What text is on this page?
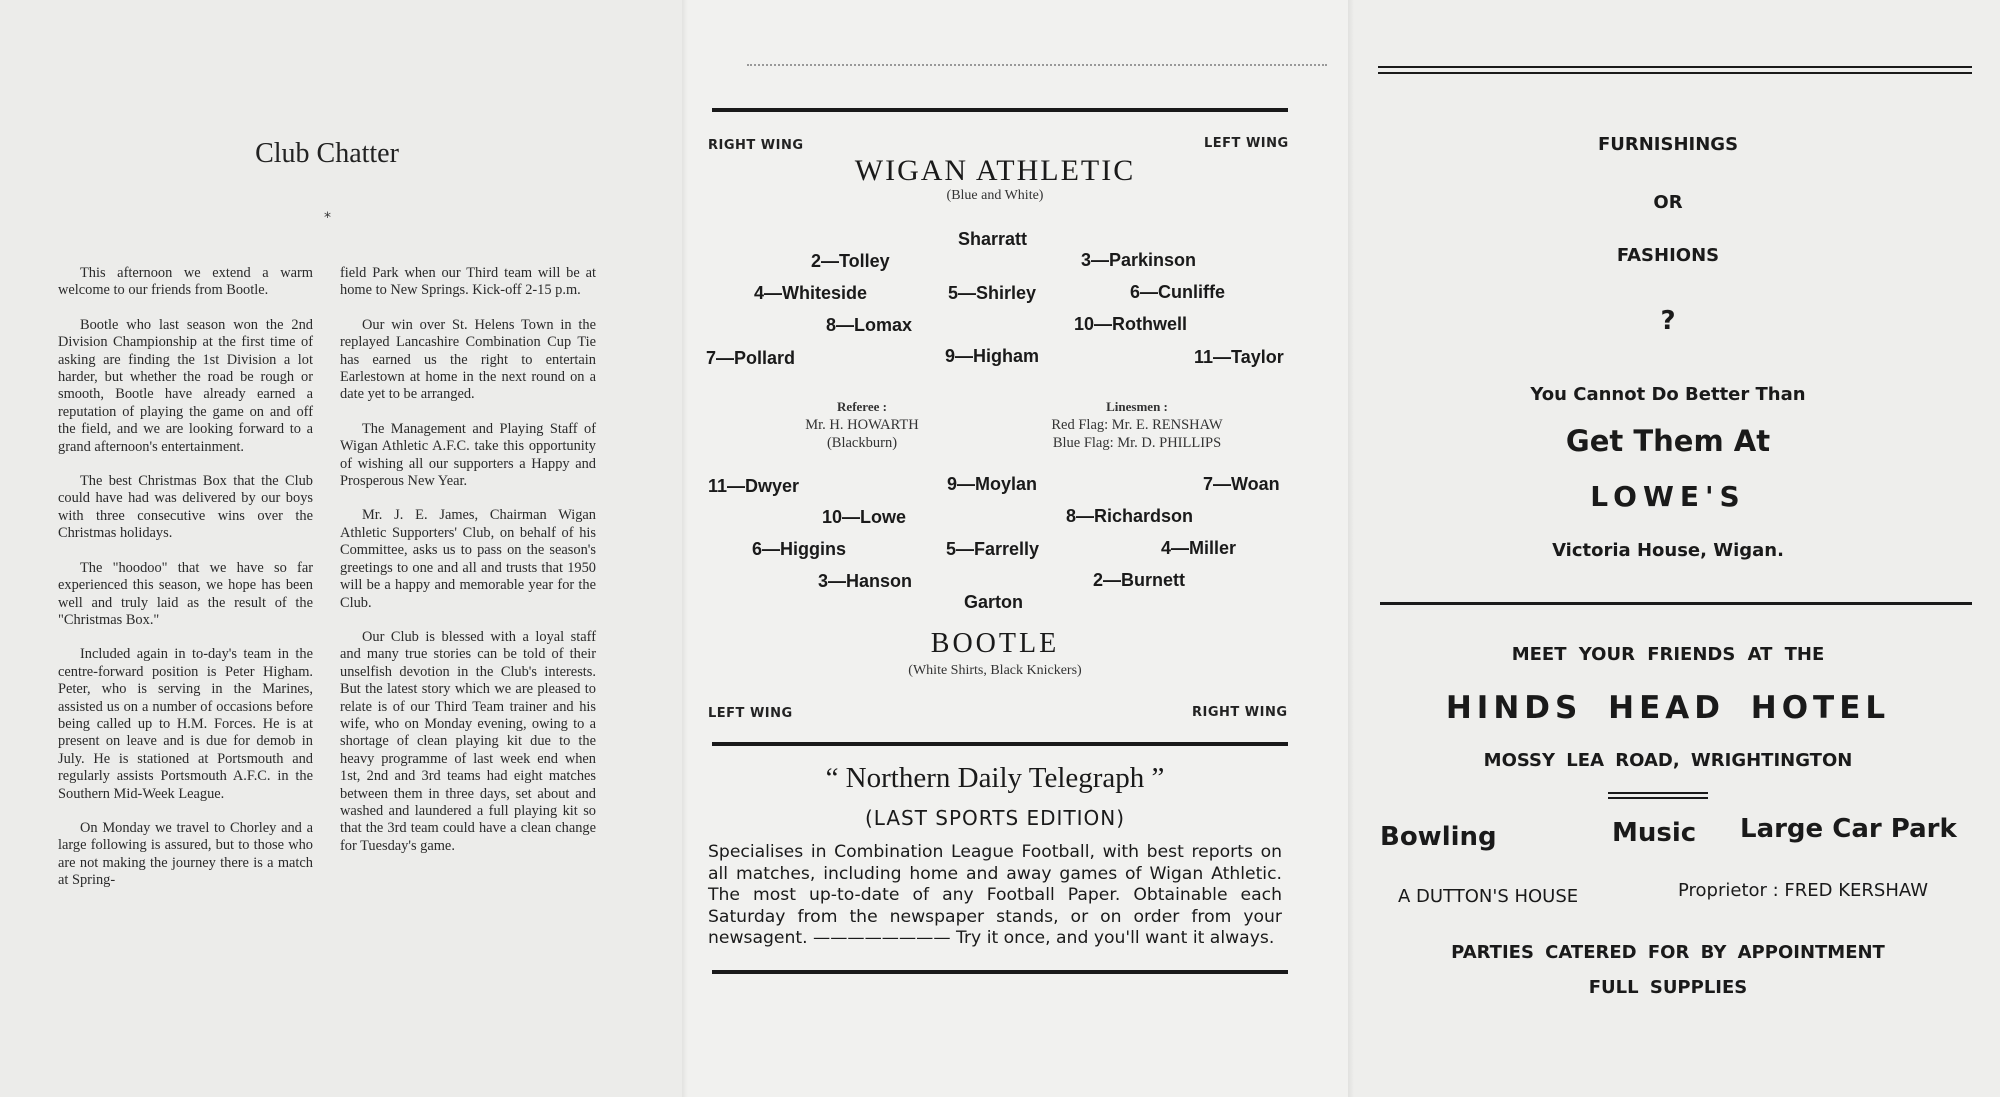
Club Chatter
*

This afternoon we extend a warm welcome to our friends from Bootle.

Bootle who last season won the 2nd Division Championship at the first time of asking are finding the 1st Division a lot harder, but whether the road be rough or smooth, Bootle have already earned a reputation of playing the game on and off the field, and we are looking forward to a grand afternoon's entertainment.

The best Christmas Box that the Club could have had was delivered by our boys with three consecutive wins over the Christmas holidays.

The "hoodoo" that we have so far experienced this season, we hope has been well and truly laid as the result of the "Christmas Box."

Included again in to-day's team in the centre-forward position is Peter Higham. Peter, who is serving in the Marines, assisted us on a number of occasions before being called up to H.M. Forces. He is at present on leave and is due for demob in July. He is stationed at Portsmouth and regularly assists Portsmouth A.F.C. in the Southern Mid-Week League.

On Monday we travel to Chorley and a large following is assured, but to those who are not making the journey there is a match at Spring-

field Park when our Third team will be at home to New Springs. Kick-off 2-15 p.m.

Our win over St. Helens Town in the replayed Lancashire Combination Cup Tie has earned us the right to entertain Earlestown at home in the next round on a date yet to be arranged.

The Management and Playing Staff of Wigan Athletic A.F.C. take this opportunity of wishing all our supporters a Happy and Prosperous New Year.

Mr. J. E. James, Chairman Wigan Athletic Supporters' Club, on behalf of his Committee, asks us to pass on the season's greetings to one and all and trusts that 1950 will be a happy and memorable year for the Club.

Our Club is blessed with a loyal staff and many true stories can be told of their unselfish devotion in the Club's interests. But the latest story which we are pleased to relate is of our Third Team trainer and his wife, who on Monday evening, owing to a shortage of clean playing kit due to the heavy programme of last week end when 1st, 2nd and 3rd teams had eight matches between them in three days, set about and washed and laundered a full playing kit so that the 3rd team could have a clean change for Tuesday's game.

RIGHT WING	LEFT WING
WIGAN ATHLETIC
(Blue and White)
Sharratt
2—Tolley	3—Parkinson
4—Whiteside	5—Shirley	6—Cunliffe
8—Lomax	10—Rothwell
7—Pollard	9—Higham	11—Taylor
Referee :
Mr. H. HOWARTH
(Blackburn)
Linesmen :
Red Flag: Mr. E. RENSHAW
Blue Flag: Mr. D. PHILLIPS
11—Dwyer	9—Moylan	7—Woan
10—Lowe	8—Richardson
6—Higgins	5—Farrelly	4—Miller
3—Hanson	2—Burnett
Garton
BOOTLE
(White Shirts, Black Knickers)
LEFT WING	RIGHT WING
“ Northern Daily Telegraph ”
(LAST SPORTS EDITION)
Specialises in Combination League Football, with best reports on all matches, including home and away games of Wigan Athletic. The most up-to-date of any Football Paper. Obtainable each Saturday from the newspaper stands, or on order from your newsagent. ———————— Try it once, and you'll want it always.
FURNISHINGS
OR
FASHIONS
?
You Cannot Do Better Than
Get Them At
LOWE'S
Victoria House, Wigan.
MEET YOUR FRIENDS AT THE
HINDS HEAD HOTEL
MOSSY LEA ROAD, WRIGHTINGTON
Bowling	Music Large Car Park
A DUTTON'S HOUSE	Proprietor : FRED KERSHAW
PARTIES CATERED FOR BY APPOINTMENT
FULL SUPPLIES
